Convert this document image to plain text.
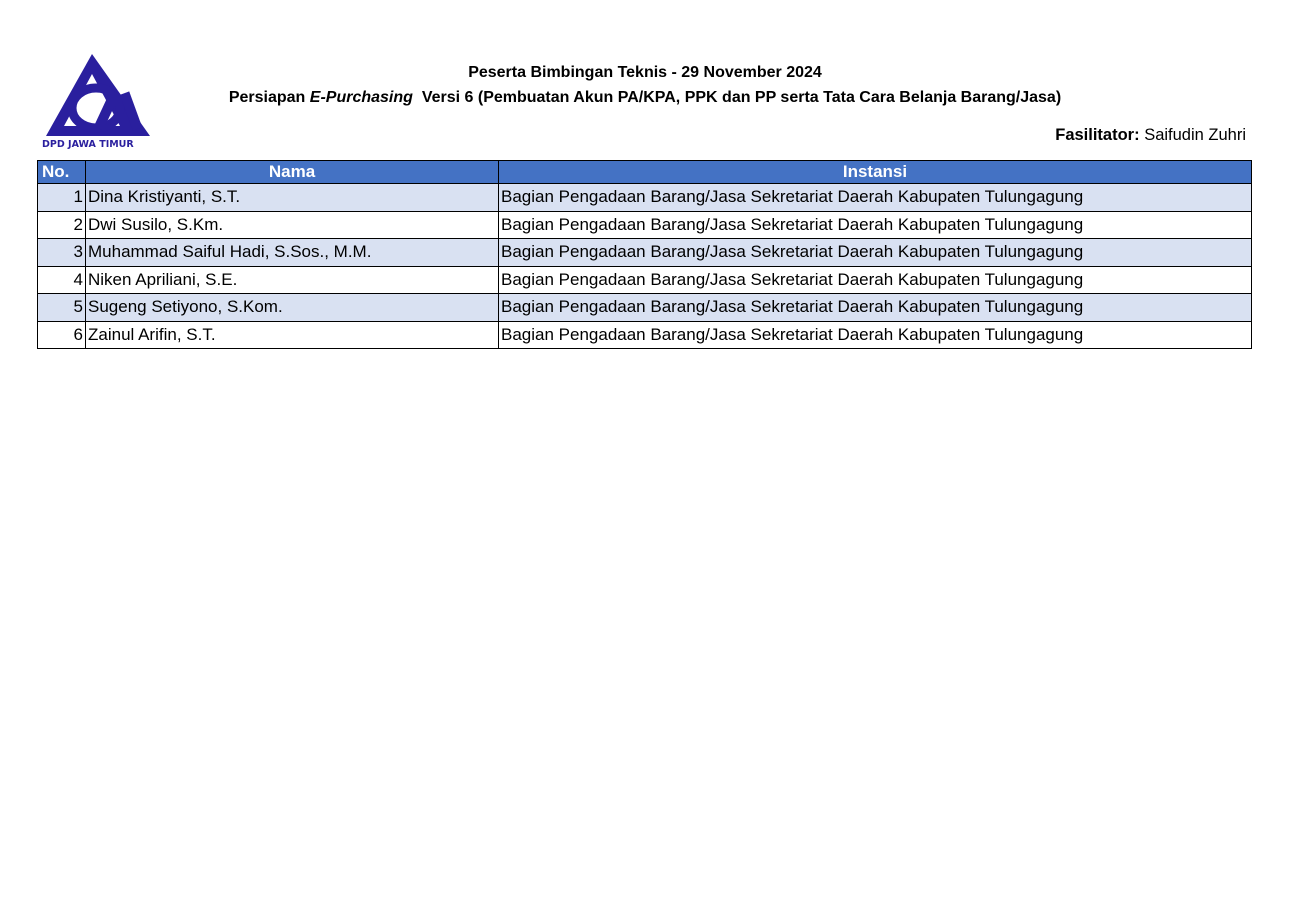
DPD JAWA TIMUR
Peserta Bimbingan Teknis - 29 November 2024
Persiapan E-Purchasing  Versi 6 (Pembuatan Akun PA/KPA, PPK dan PP serta Tata Cara Belanja Barang/Jasa)
Fasilitator: Saifudin Zuhri
No.	Nama	Instansi
1	Dina Kristiyanti, S.T.	Bagian Pengadaan Barang/Jasa Sekretariat Daerah Kabupaten Tulungagung
2	Dwi Susilo, S.Km.	Bagian Pengadaan Barang/Jasa Sekretariat Daerah Kabupaten Tulungagung
3	Muhammad Saiful Hadi, S.Sos., M.M.	Bagian Pengadaan Barang/Jasa Sekretariat Daerah Kabupaten Tulungagung
4	Niken Apriliani, S.E.	Bagian Pengadaan Barang/Jasa Sekretariat Daerah Kabupaten Tulungagung
5	Sugeng Setiyono, S.Kom.	Bagian Pengadaan Barang/Jasa Sekretariat Daerah Kabupaten Tulungagung
6	Zainul Arifin, S.T.	Bagian Pengadaan Barang/Jasa Sekretariat Daerah Kabupaten Tulungagung
